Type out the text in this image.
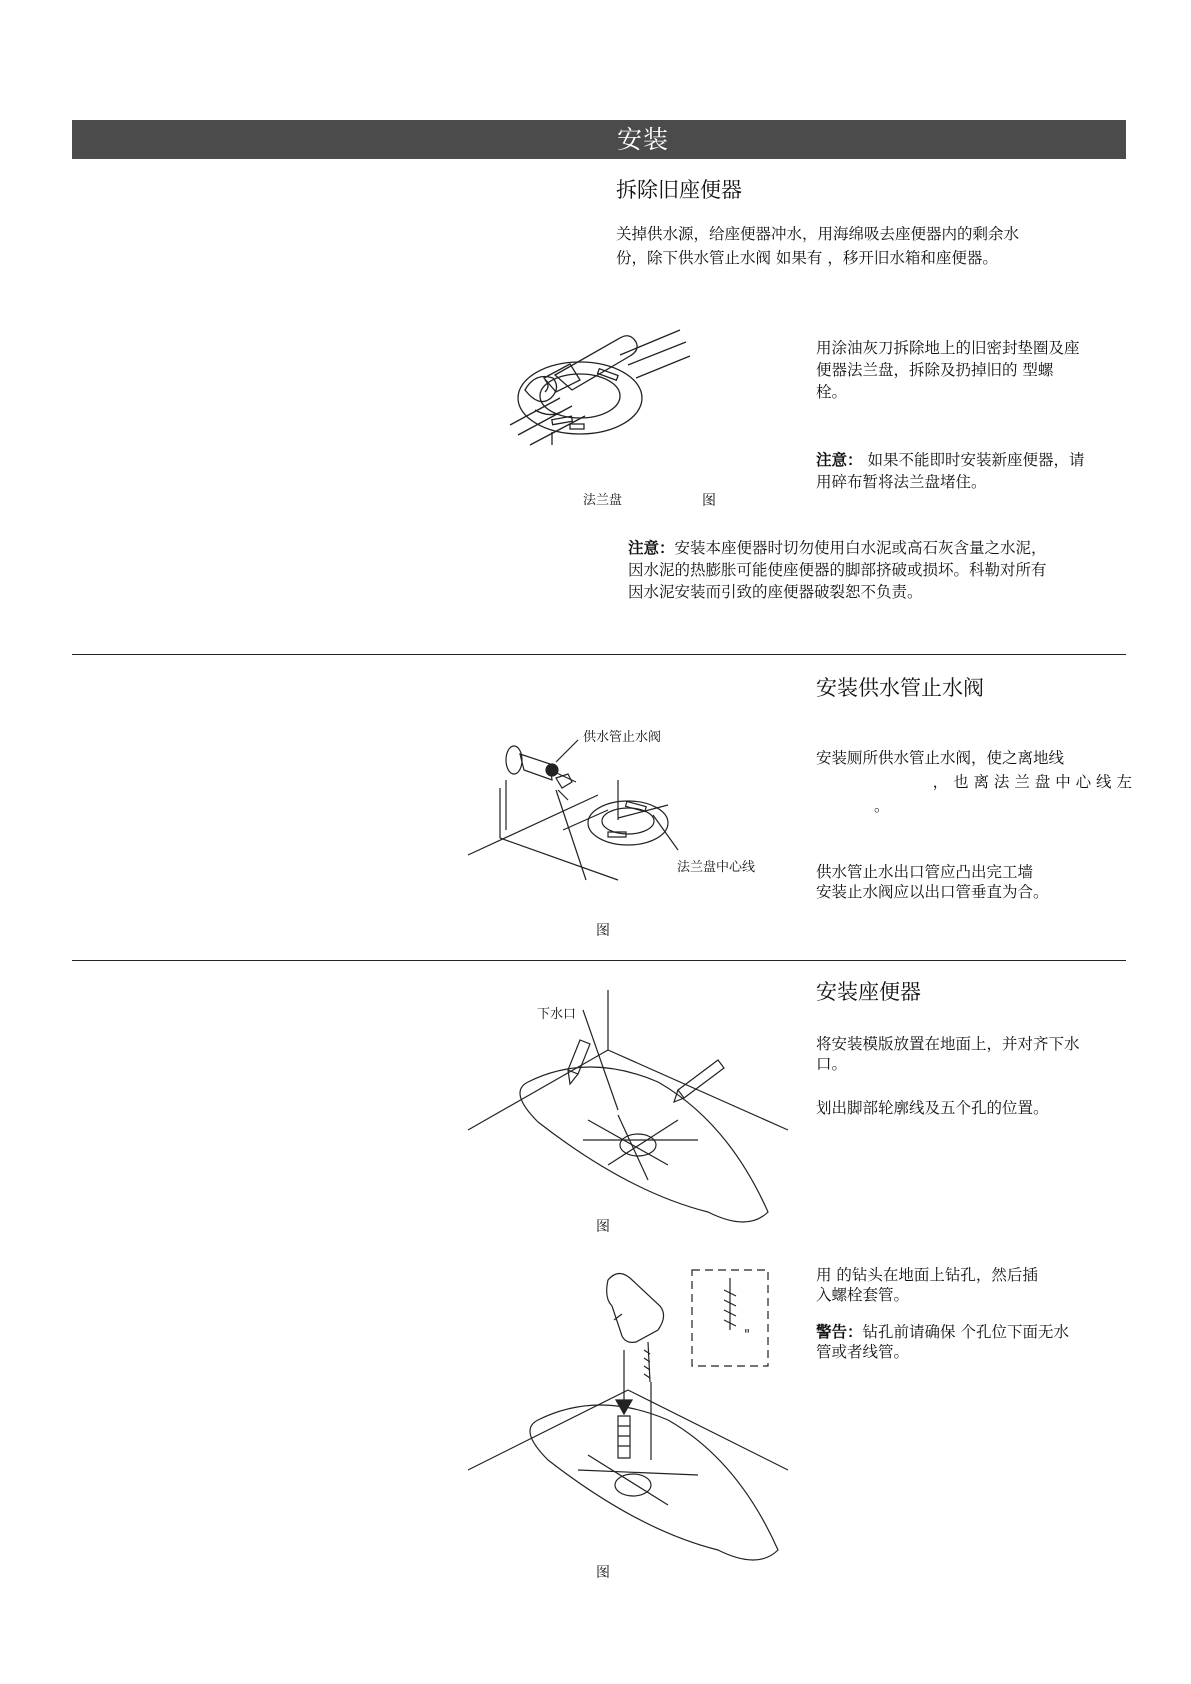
安装
拆除旧座便器
关掉供水源，给座便器冲水，用海绵吸去座便器内的剩余水
份，除下供水管止水阀 如果有 ，移开旧水箱和座便器。
法兰盘	图
用涂油灰刀拆除地上的旧密封垫圈及座
便器法兰盘，拆除及扔掉旧的 型螺
栓。
注意： 如果不能即时安装新座便器，请
用碎布暂将法兰盘堵住。
注意：安装本座便器时切勿使用白水泥或高石灰含量之水泥，
因水泥的热膨胀可能使座便器的脚部挤破或损坏。科勒对所有
因水泥安装而引致的座便器破裂恕不负责。
安装供水管止水阀
供水管止水阀
法兰盘中心线
图
安装厕所供水管止水阀，使之离地线
， 也 离 法 兰 盘 中 心 线 左
。
供水管止水出口管应凸出完工墙
安装止水阀应以出口管垂直为合。
安装座便器
下水口
图
将安装模版放置在地面上，并对齐下水
口。
划出脚部轮廓线及五个孔的位置。
"
图
用 的钻头在地面上钻孔，然后插
入螺栓套管。
警告：钻孔前请确保 个孔位下面无水
管或者线管。
